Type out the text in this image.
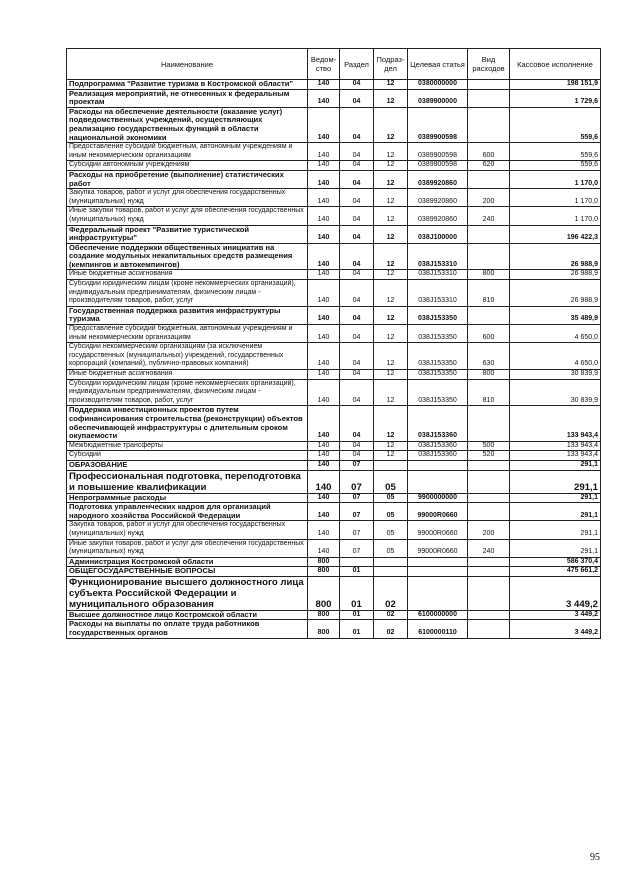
Наименование	Ведом-ство	Раздел	Подраз-дел	Целевая статья	Вид расходов	Кассовое исполнение
Подпрограмма "Развитие туризма в Костромской области"	140	04	12	0380000000		198 151,9
Реализация мероприятий, не отнесенных к федеральным проектам	140	04	12	0389900000		1 729,6
Расходы на обеспечение деятельности (оказание услуг) подведомственных учреждений, осуществляющих реализацию государственных функций в области национальной экономики	140	04	12	0389900598		559,6
Предоставление субсидий бюджетным, автономным учреждениям и иным некоммерческим организациям	140	04	12	0389900598	600	559,6
Субсидии автономным учреждениям	140	04	12	0389900598	620	559,6
Расходы на приобретение (выполнение) статистических работ	140	04	12	0389920860		1 170,0
Закупка товаров, работ и услуг для обеспечения государственных (муниципальных) нужд	140	04	12	0389920860	200	1 170,0
Иные закупки товаров, работ и услуг для обеспечения государственных (муниципальных) нужд	140	04	12	0389920860	240	1 170,0
Федеральный проект "Развитие туристической инфраструктуры"	140	04	12	038J100000		196 422,3
Обеспечение поддержки общественных инициатив на создание модульных некапитальных средств размещения (кемпингов и автокемпингов)	140	04	12	038J153310		26 988,9
Иные бюджетные ассигнования	140	04	12	038J153310	800	26 988,9
Субсидии юридическим лицам (кроме некоммерческих организаций), индивидуальным предпринимателям, физическим лицам - производителям товаров, работ, услуг	140	04	12	038J153310	810	26 988,9
Государственная поддержка развития инфраструктуры туризма	140	04	12	038J153350		35 489,9
Предоставление субсидий бюджетным, автономным учреждениям и иным некоммерческим организациям	140	04	12	038J153350	600	4 650,0
Субсидии некоммерческим организациям (за исключением государственных (муниципальных) учреждений, государственных корпораций (компаний), публично-правовых компаний)	140	04	12	038J153350	630	4 650,0
Иные бюджетные ассигнования	140	04	12	038J153350	800	30 839,9
Субсидии юридическим лицам (кроме некоммерческих организаций), индивидуальным предпринимателям, физическим лицам - производителям товаров, работ, услуг	140	04	12	038J153350	810	30 839,9
Поддержка инвестиционных проектов путем софинансирования строительства (реконструкции) объектов обеспечивающей инфраструктуры с длительным сроком окупаемости	140	04	12	038J153360		133 943,4
Межбюджетные трансферты	140	04	12	038J153360	500	133 943,4
Субсидии	140	04	12	038J153360	520	133 943,4
ОБРАЗОВАНИЕ	140	07				291,1
Профессиональная подготовка, переподготовка и повышение квалификации	140	07	05			291,1
Непрограммные расходы	140	07	05	9900000000		291,1
Подготовка управленческих кадров для организаций народного хозяйства Российской Федерации	140	07	05	99000R0660		291,1
Закупка товаров, работ и услуг для обеспечения государственных (муниципальных) нужд	140	07	05	99000R0660	200	291,1
Иные закупки товаров, работ и услуг для обеспечения государственных (муниципальных) нужд	140	07	05	99000R0660	240	291,1
Администрация Костромской области	800					586 370,4
ОБЩЕГОСУДАРСТВЕННЫЕ ВОПРОСЫ	800	01				475 661,2
Функционирование высшего должностного лица субъекта Российской Федерации и муниципального образования	800	01	02			3 449,2
Высшее должностное лицо Костромской области	800	01	02	6100000000		3 449,2
Расходы на выплаты по оплате труда работников государственных органов	800	01	02	6100000110		3 449,2
95
